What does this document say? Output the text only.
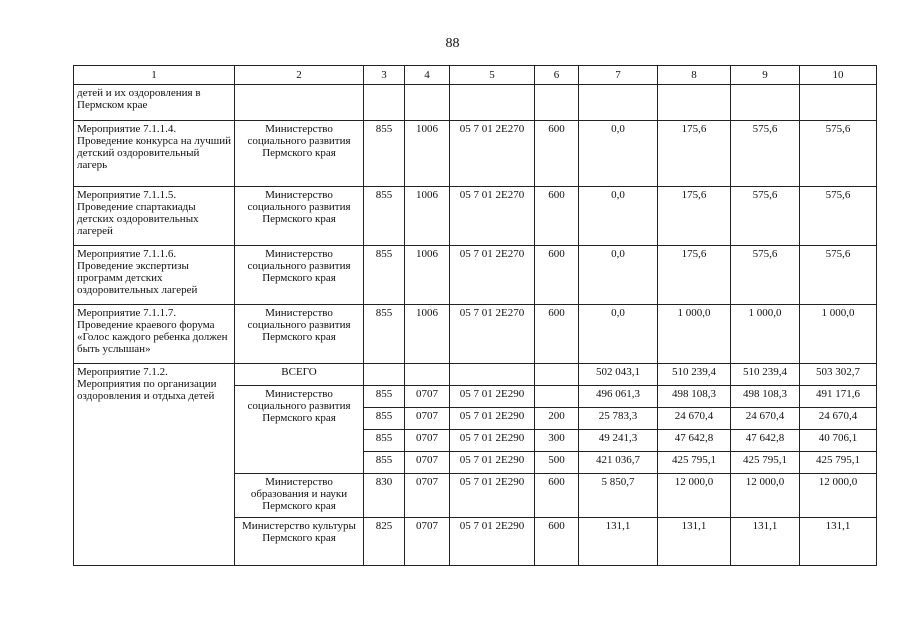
88
1	2	3	4	5	6	7	8	9	10
детей и их оздоровления в Пермском крае									
Мероприятие 7.1.1.4. Проведение конкурса на лучший детский оздоровительный лагерь	Министерство социального развития Пермского края	855	1006	05 7 01 2Е270	600	0,0	175,6	575,6	575,6
Мероприятие 7.1.1.5. Проведение спартакиады детских оздоровительных лагерей	Министерство социального развития Пермского края	855	1006	05 7 01 2Е270	600	0,0	175,6	575,6	575,6
Мероприятие 7.1.1.6. Проведение экспертизы программ детских оздоровительных лагерей	Министерство социального развития Пермского края	855	1006	05 7 01 2Е270	600	0,0	175,6	575,6	575,6
Мероприятие 7.1.1.7. Проведение краевого форума «Голос каждого ребенка должен быть услышан»	Министерство социального развития Пермского края	855	1006	05 7 01 2Е270	600	0,0	1 000,0	1 000,0	1 000,0
Мероприятие 7.1.2. Мероприятия по организации оздоровления и отдыха детей	ВСЕГО					502 043,1	510 239,4	510 239,4	503 302,7
	Министерство социального развития Пермского края	855	0707	05 7 01 2Е290		496 061,3	498 108,3	498 108,3	491 171,6
		855	0707	05 7 01 2Е290	200	25 783,3	24 670,4	24 670,4	24 670,4
		855	0707	05 7 01 2Е290	300	49 241,3	47 642,8	47 642,8	40 706,1
		855	0707	05 7 01 2Е290	500	421 036,7	425 795,1	425 795,1	425 795,1
	Министерство образования и науки Пермского края	830	0707	05 7 01 2Е290	600	5 850,7	12 000,0	12 000,0	12 000,0
	Министерство культуры Пермского края	825	0707	05 7 01 2Е290	600	131,1	131,1	131,1	131,1
